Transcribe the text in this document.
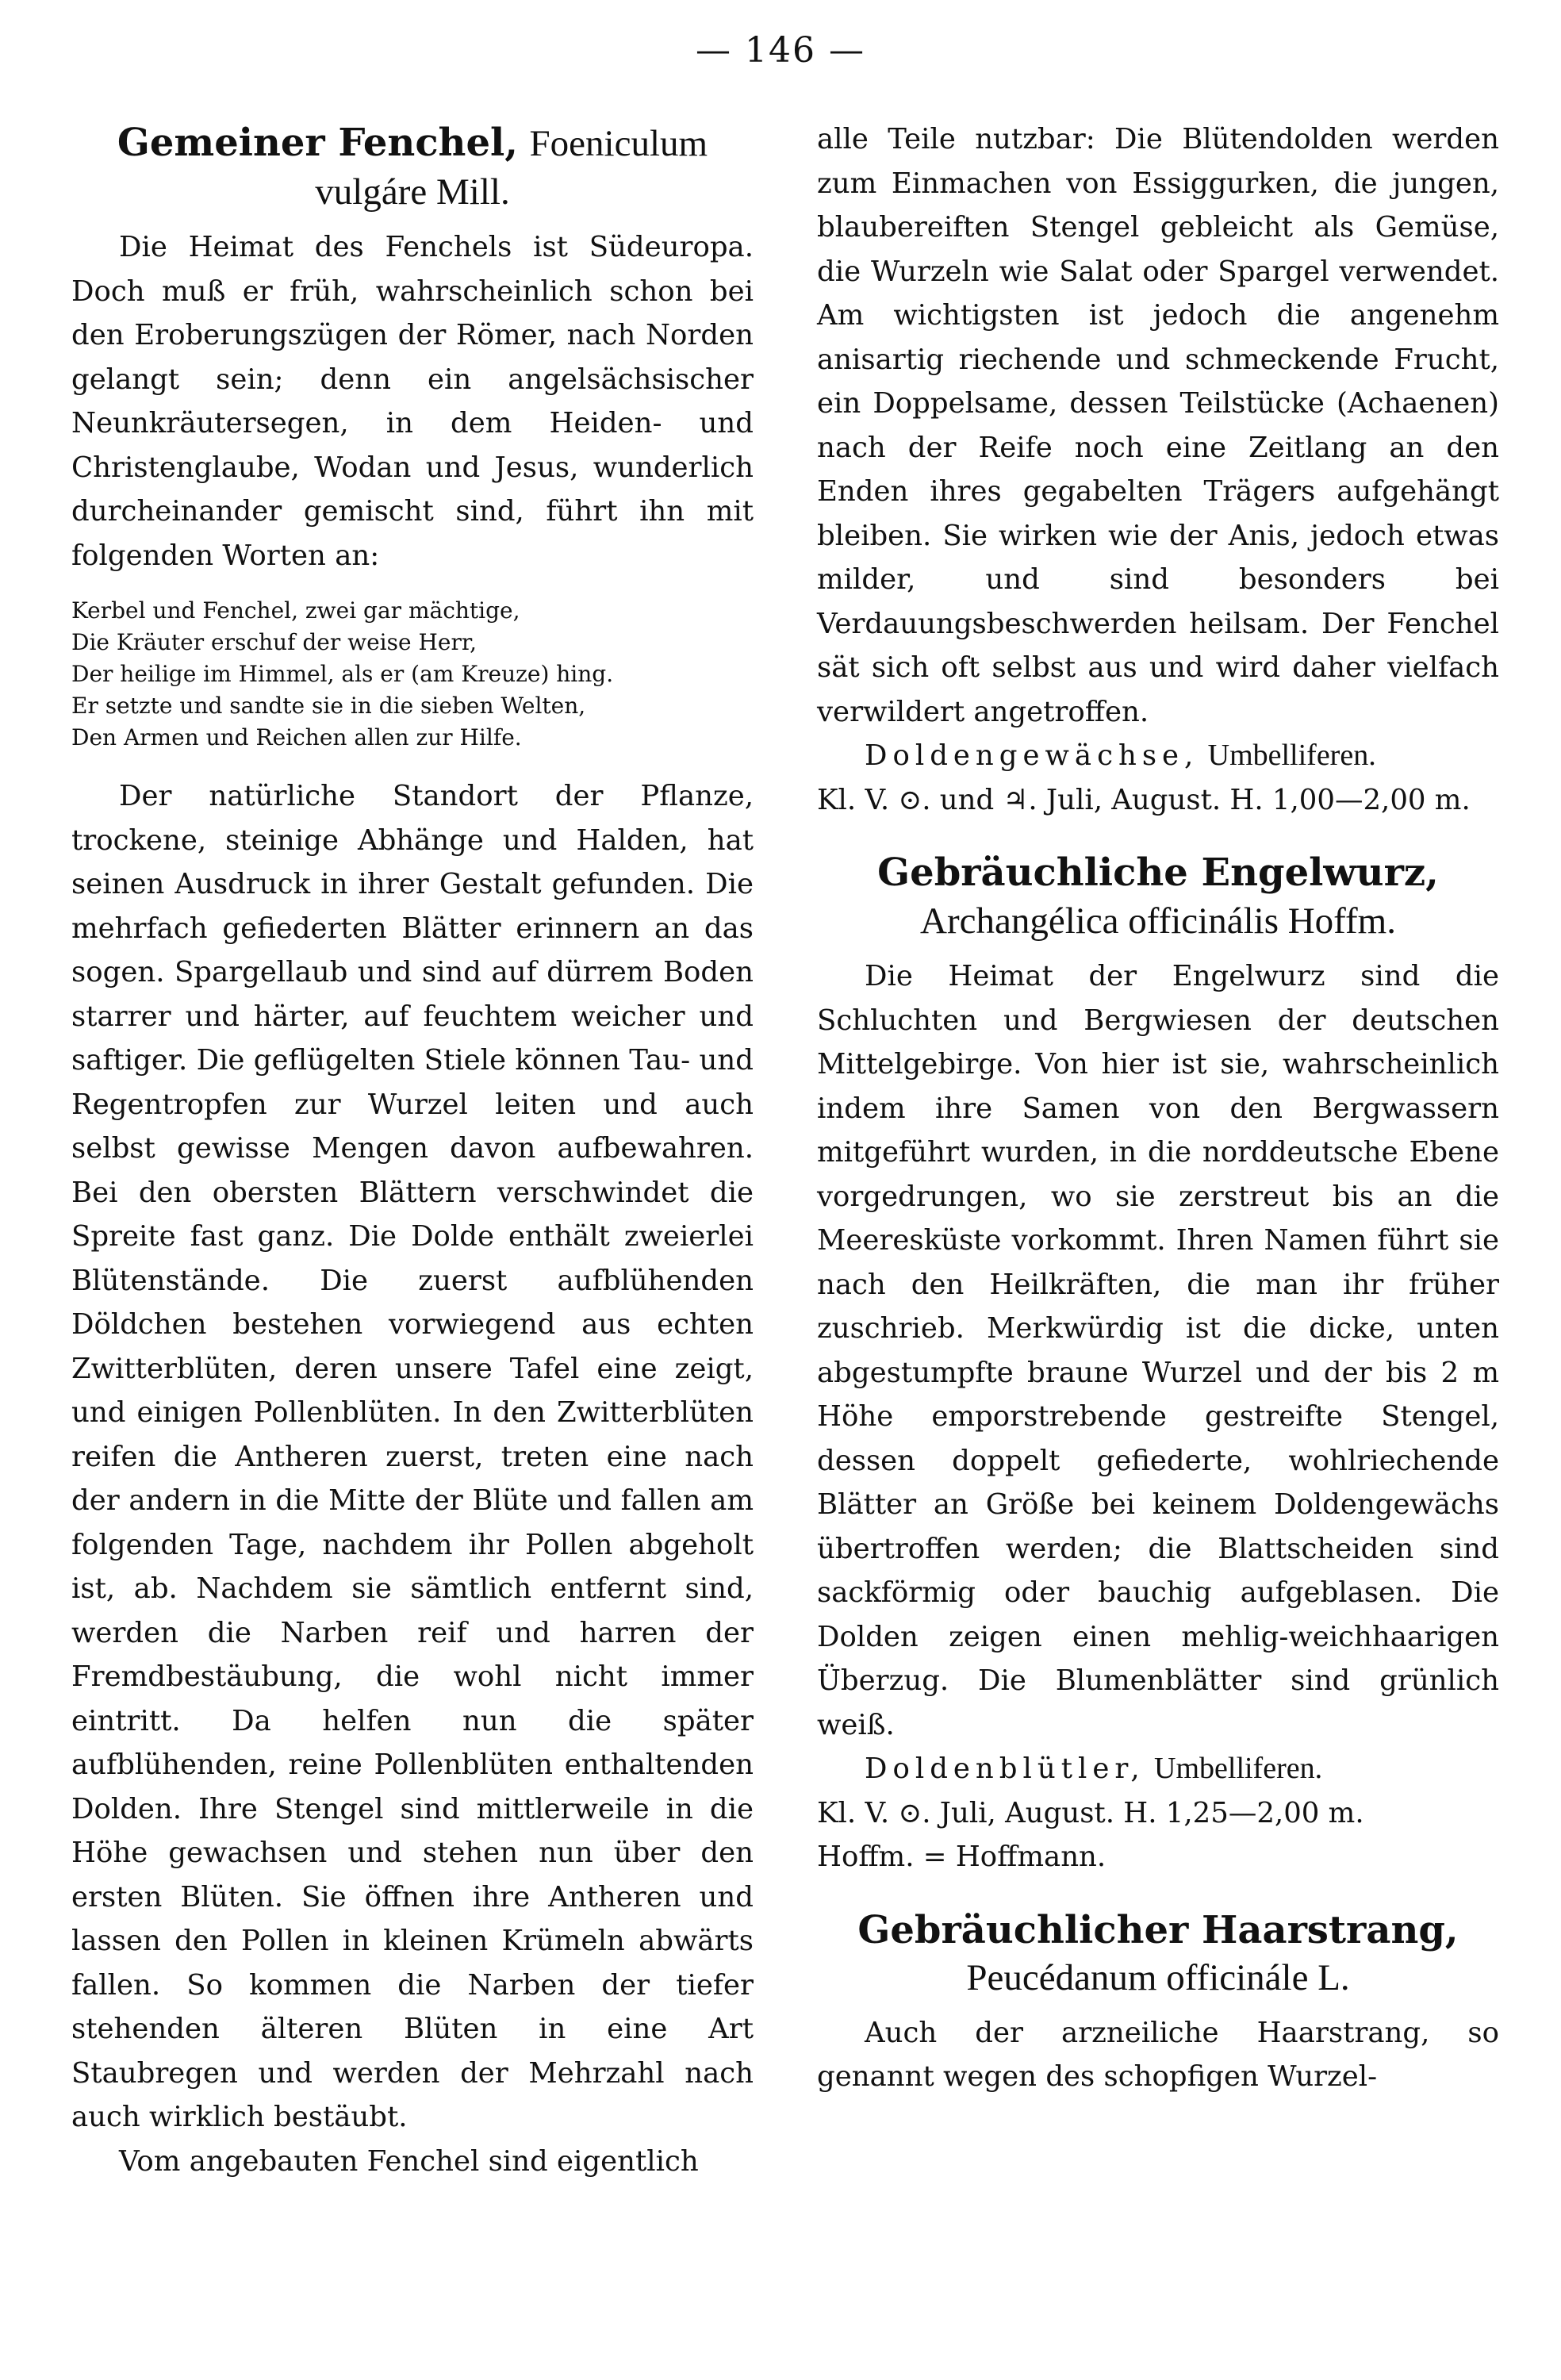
— 146 —
Gemeiner Fenchel, Foeniculum vulgáre Mill.

Die Heimat des Fenchels ist Südeuropa. Doch muß er früh, wahrscheinlich schon bei den Eroberungszügen der Römer, nach Norden gelangt sein; denn ein angelsächsischer Neunkräutersegen, in dem Heiden- und Christenglaube, Wodan und Jesus, wunderlich durcheinander gemischt sind, führt ihn mit folgenden Worten an:

Kerbel und Fenchel, zwei gar mächtige,
Die Kräuter erschuf der weise Herr,
Der heilige im Himmel, als er (am Kreuze) hing.
Er setzte und sandte sie in die sieben Welten,
Den Armen und Reichen allen zur Hilfe.

Der natürliche Standort der Pflanze, trockene, steinige Abhänge und Halden, hat seinen Ausdruck in ihrer Gestalt gefunden. Die mehrfach gefiederten Blätter erinnern an das sogen. Spargellaub und sind auf dürrem Boden starrer und härter, auf feuchtem weicher und saftiger. Die geflügelten Stiele können Tau- und Regentropfen zur Wurzel leiten und auch selbst gewisse Mengen davon aufbewahren. Bei den obersten Blättern verschwindet die Spreite fast ganz. Die Dolde enthält zweierlei Blütenstände. Die zuerst aufblühenden Döldchen bestehen vorwiegend aus echten Zwitterblüten, deren unsere Tafel eine zeigt, und einigen Pollenblüten. In den Zwitterblüten reifen die Antheren zuerst, treten eine nach der andern in die Mitte der Blüte und fallen am folgenden Tage, nachdem ihr Pollen abgeholt ist, ab. Nachdem sie sämtlich entfernt sind, werden die Narben reif und harren der Fremdbestäubung, die wohl nicht immer eintritt. Da helfen nun die später aufblühenden, reine Pollenblüten enthaltenden Dolden. Ihre Stengel sind mittlerweile in die Höhe gewachsen und stehen nun über den ersten Blüten. Sie öffnen ihre Antheren und lassen den Pollen in kleinen Krümeln abwärts fallen. So kommen die Narben der tiefer stehenden älteren Blüten in eine Art Staubregen und werden der Mehrzahl nach auch wirklich bestäubt.

Vom angebauten Fenchel sind eigentlich

alle Teile nutzbar: Die Blütendolden werden zum Einmachen von Essiggurken, die jungen, blaubereiften Stengel gebleicht als Gemüse, die Wurzeln wie Salat oder Spargel verwendet. Am wichtigsten ist jedoch die angenehm anisartig riechende und schmeckende Frucht, ein Doppelsame, dessen Teilstücke (Achaenen) nach der Reife noch eine Zeitlang an den Enden ihres gegabelten Trägers aufgehängt bleiben. Sie wirken wie der Anis, jedoch etwas milder, und sind besonders bei Verdauungsbeschwerden heilsam. Der Fenchel sät sich oft selbst aus und wird daher vielfach verwildert angetroffen.

Doldengewächse, Umbelliferen.

Kl. V. ⊙. und ♃. Juli, August. H. 1,00—2,00 m.

Gebräuchliche Engelwurz, Archangélica officinális Hoffm.

Die Heimat der Engelwurz sind die Schluchten und Bergwiesen der deutschen Mittelgebirge. Von hier ist sie, wahrscheinlich indem ihre Samen von den Bergwassern mitgeführt wurden, in die norddeutsche Ebene vorgedrungen, wo sie zerstreut bis an die Meeresküste vorkommt. Ihren Namen führt sie nach den Heilkräften, die man ihr früher zuschrieb. Merkwürdig ist die dicke, unten abgestumpfte braune Wurzel und der bis 2 m Höhe emporstrebende gestreifte Stengel, dessen doppelt gefiederte, wohlriechende Blätter an Größe bei keinem Doldengewächs übertroffen werden; die Blattscheiden sind sackförmig oder bauchig aufgeblasen. Die Dolden zeigen einen mehlig-weichhaarigen Überzug. Die Blumenblätter sind grünlich weiß.

Doldenblütler, Umbelliferen.

Kl. V. ⊙. Juli, August. H. 1,25—2,00 m.

Hoffm. = Hoffmann.

Gebräuchlicher Haarstrang,
Peucédanum officinále L.

Auch der arzneiliche Haarstrang, so genannt wegen des schopfigen Wurzel-
